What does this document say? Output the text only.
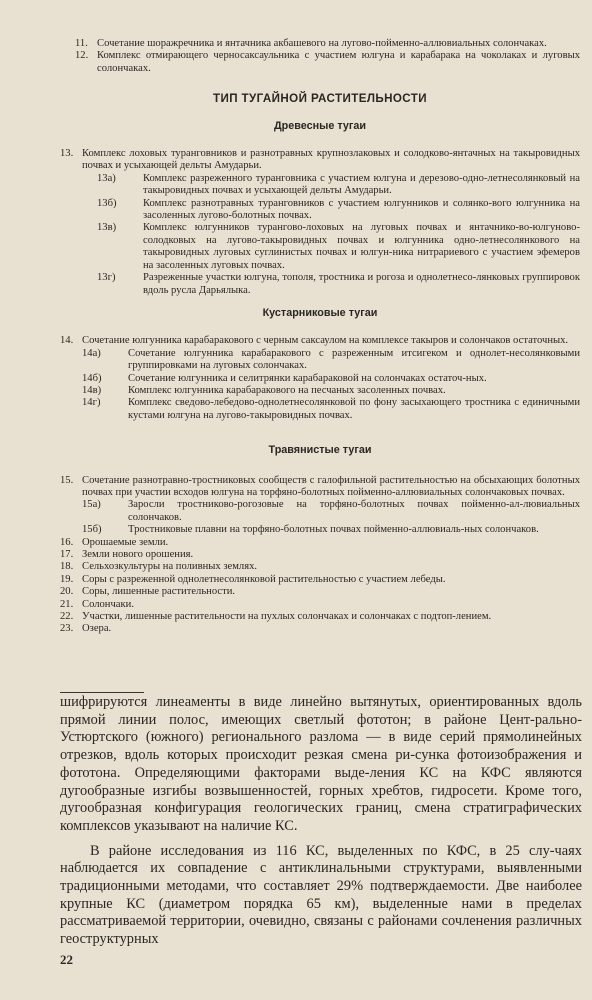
11. Сочетание шоражречника и янтачника акбашевого на лугово-пойменно-аллювиальных солончаках.
12. Комплекс отмирающего черносаксаульника с участием юлгуна и карабарака на чоколаках и луговых солончаках.
ТИП ТУГАЙНОЙ РАСТИТЕЛЬНОСТИ
Древесные тугаи
13. Комплекс лоховых туранговников и разнотравных крупнозлаковых и солодково-янтачных на такыровидных почвах и усыхающей дельты Амударьи.
13а)	Комплекс разреженного туранговника с участием юлгуна и дерезово-одно-летнесолянковый на такыровидных почвах и усыхающей дельты Амударьи.
13б) Комплекс разнотравных туранговников с участием юлгунников и солянко-вого юлгунника на засоленных лугово-болотных почвах.
13в)	Комплекс юлгунников турангово-лоховых на луговых почвах и янтачнико-во-юлгуново-солодковых на лугово-такыровидных почвах и юлгунника одно-летнесолянкового на такыровидных луговых суглинистых почвах и юлгун-ника нитрариевого с участием эфемеров на засоленных луговых почвах.
13г)	Разреженные участки юлгуна, тополя, тростника и рогоза и однолетнесо-лянковых группировок вдоль русла Дарьялыка.
Кустарниковые тугаи
14. Сочетание юлгунника карабаракового с черным саксаулом на комплексе такыров и солончаков остаточных.
14а)	Сочетание юлгунника карабаракового с разреженным итсигеком и однолет-несолянковыми группировками на луговых солончаках.
14б) Сочетание юлгунника и селитрянки карабараковой на солончаках остаточ-ных.
14в)	Комплекс юлгунника карабаракового на песчаных засоленных почвах.
14г)	Комплекс сведово-лебедово-однолетнесолянковой по фону засыхающего тростника с единичными кустами юлгуна на лугово-такыровидных почвах.
Травянистые тугаи
15. Сочетание разнотравно-тростниковых сообществ с галофильной растительностью на обсыхающих болотных почвах при участии всходов юлгуна на торфяно-болотных пойменно-аллювиальных солончаковых почвах.
15а)	Заросли тростниково-рогозовые на торфяно-болотных почвах пойменно-ал-лювиальных солончаков.
15б) Тростниковые плавни на торфяно-болотных почвах пойменно-аллювиаль-ных солончаков.
16. Орошаемые земли.
17. Земли нового орошения.
18. Сельхозкультуры на поливных землях.
19. Соры с разреженной однолетнесолянковой растительностью с участием лебеды.
20. Соры, лишенные растительности.
21. Солончаки.
22. Участки, лишенные растительности на пухлых солончаках и солончаках с подтоп-лением.
23. Озера.

шифрируются линеаменты в виде линейно вытянутых, ориентированных вдоль прямой линии полос, имеющих светлый фототон; в районе Цент-рально-Устюртского (южного) регионального разлома — в виде серий прямолинейных отрезков, вдоль которых происходит резкая смена ри-сунка фотоизображения и фототона. Определяющими факторами выде-ления КС на КФС являются дугообразные изгибы возвышенностей, горных хребтов, гидросети. Кроме того, дугообразная конфигурация геологических границ, смена стратиграфических комплексов указывают на наличие КС.

В районе исследования из 116 КС, выделенных по КФС, в 25 слу-чаях наблюдается их совпадение с антиклинальными структурами, выявленными традиционными методами, что составляет 29% подтверждаемости. Две наиболее крупные КС (диаметром порядка 65 км), выделенные нами в пределах рассматриваемой территории, очевидно, связаны с районами сочленения различных геоструктурных

22
